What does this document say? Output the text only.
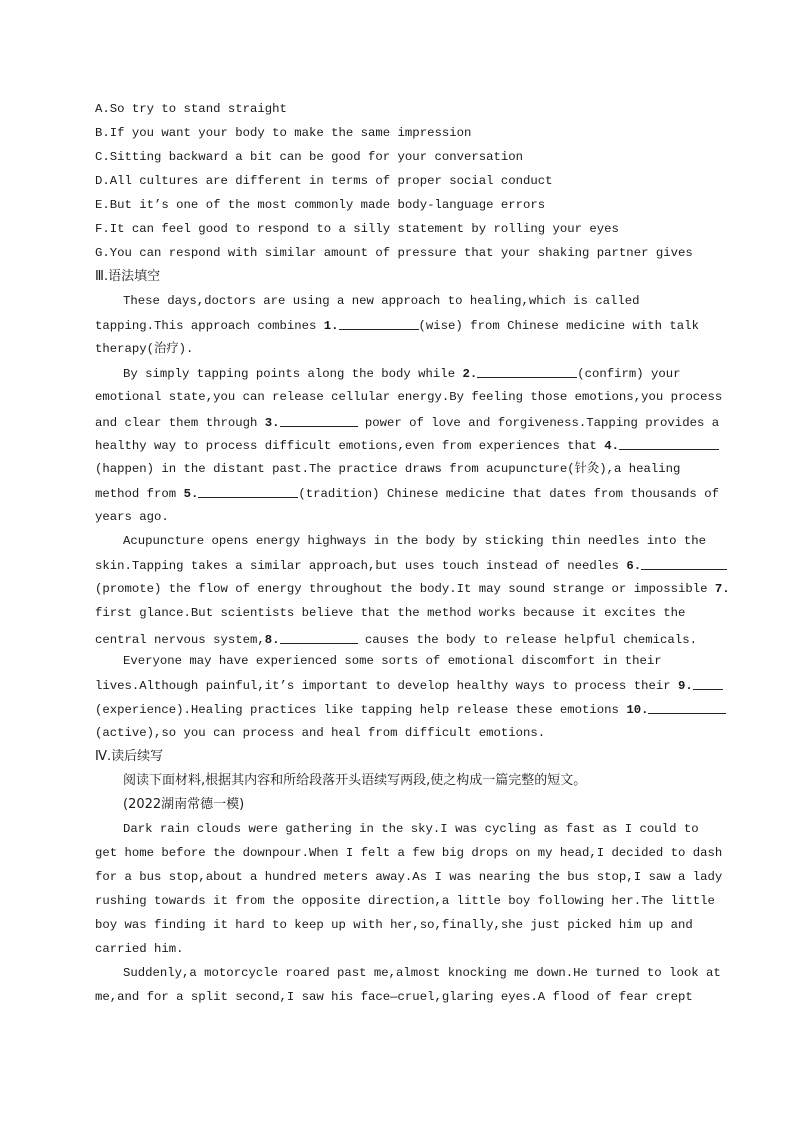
A.So try to stand straight
B.If you want your body to make the same impression
C.Sitting backward a bit can be good for your conversation
D.All cultures are different in terms of proper social conduct
E.But it’s one of the most commonly made body-language errors
F.It can feel good to respond to a silly statement by rolling your eyes
G.You can respond with similar amount of pressure that your shaking partner gives
Ⅲ.语法填空
These days,doctors are using a new approach to healing,which is called
tapping.This approach combines 1.	(wise) from Chinese medicine with talk
therapy(治疗).
By simply tapping points along the body while 2.	(confirm) your
emotional state,you can release cellular energy.By feeling those emotions,you process
and clear them through 3.	power of love and forgiveness.Tapping provides a
healthy way to process difficult emotions,even from experiences that 4.
(happen) in the distant past.The practice draws from acupuncture(针灸),a healing
method from 5.	(tradition) Chinese medicine that dates from thousands of
years ago.
Acupuncture opens energy highways in the body by sticking thin needles into the
skin.Tapping takes a similar approach,but uses touch instead of needles 6.
(promote) the flow of energy throughout the body.It may sound strange or impossible 7.
first glance.But scientists believe that the method works because it excites the
central nervous system,8.	causes the body to release helpful chemicals.
Everyone may have experienced some sorts of emotional discomfort in their
lives.Although painful,it’s important to develop healthy ways to process their 9.
(experience).Healing practices like tapping help release these emotions 10.
(active),so you can process and heal from difficult emotions.
Ⅳ.读后续写
阅读下面材料,根据其内容和所给段落开头语续写两段,使之构成一篇完整的短文。
(2022湖南常德一模)
Dark rain clouds were gathering in the sky.I was cycling as fast as I could to
get home before the downpour.When I felt a few big drops on my head,I decided to dash
for a bus stop,about a hundred meters away.As I was nearing the bus stop,I saw a lady
rushing towards it from the opposite direction,a little boy following her.The little
boy was finding it hard to keep up with her,so,finally,she just picked him up and
carried him.
Suddenly,a motorcycle roared past me,almost knocking me down.He turned to look at
me,and for a split second,I saw his face—cruel,glaring eyes.A flood of fear crept
